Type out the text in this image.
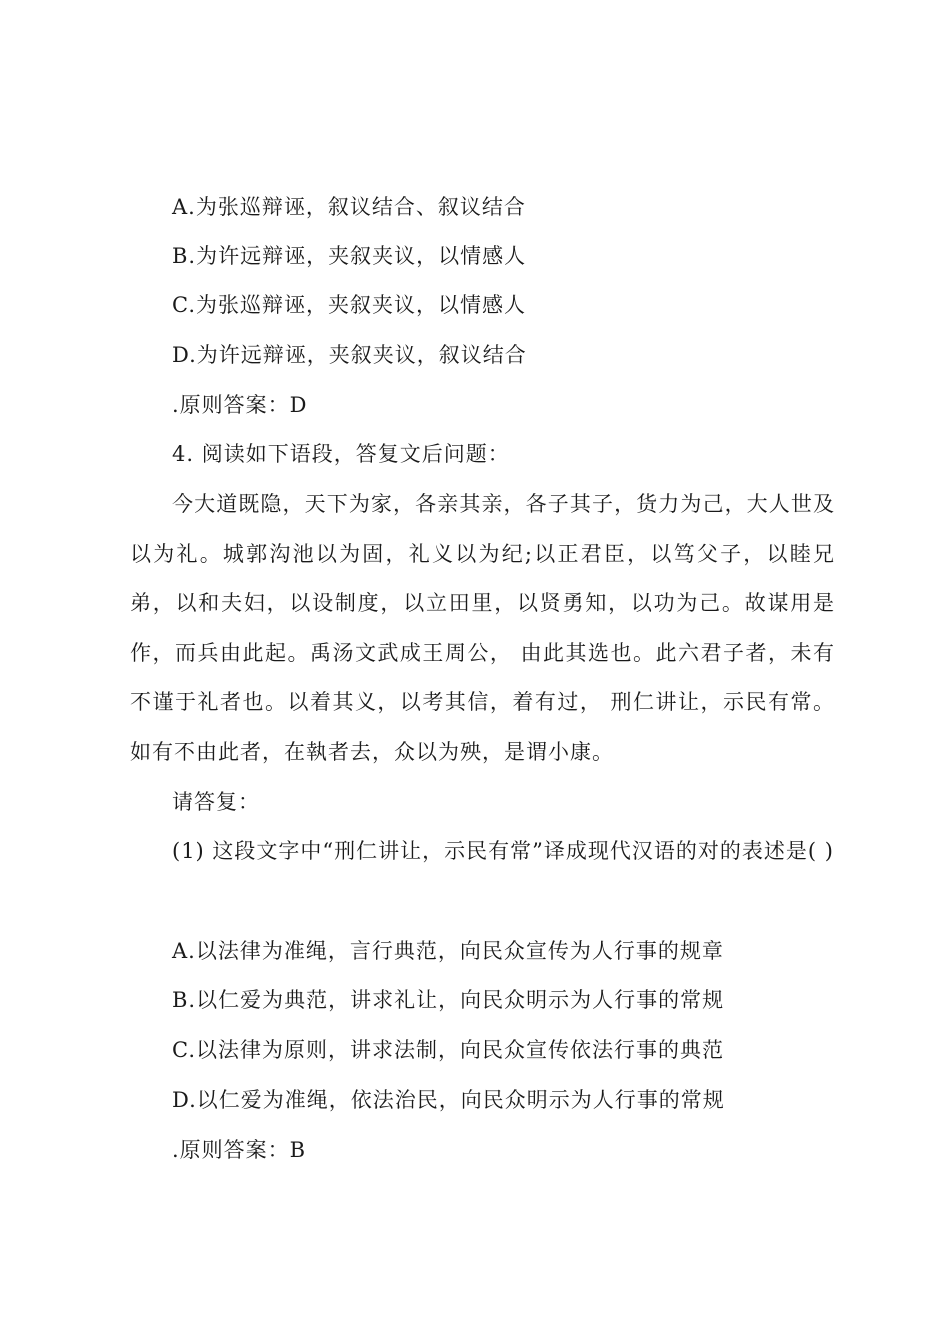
A.为张巡辩诬，叙议结合、叙议结合
B.为许远辩诬，夹叙夹议，以情感人
C.为张巡辩诬，夹叙夹议，以情感人
D.为许远辩诬，夹叙夹议，叙议结合
.原则答案：D
4. 阅读如下语段，答复文后问题：
今大道既隐，天下为家，各亲其亲，各子其子，货力为己，大人世及以为礼。城郭沟池以为固，礼义以为纪;以正君臣，以笃父子，以睦兄弟，以和夫妇，以设制度，以立田里，以贤勇知，以功为己。故谋用是作，而兵由此起。禹汤文武成王周公， 由此其选也。此六君子者，未有不谨于礼者也。以着其义，以考其信，着有过， 刑仁讲让，示民有常。如有不由此者，在執者去，众以为殃，是谓小康。
请答复：
(1) 这段文字中“刑仁讲让，示民有常”译成现代汉语的对的表述是( )
A.以法律为准绳，言行典范，向民众宣传为人行事的规章
B.以仁爱为典范，讲求礼让，向民众明示为人行事的常规
C.以法律为原则，讲求法制，向民众宣传依法行事的典范
D.以仁爱为准绳，依法治民，向民众明示为人行事的常规
.原则答案：B
